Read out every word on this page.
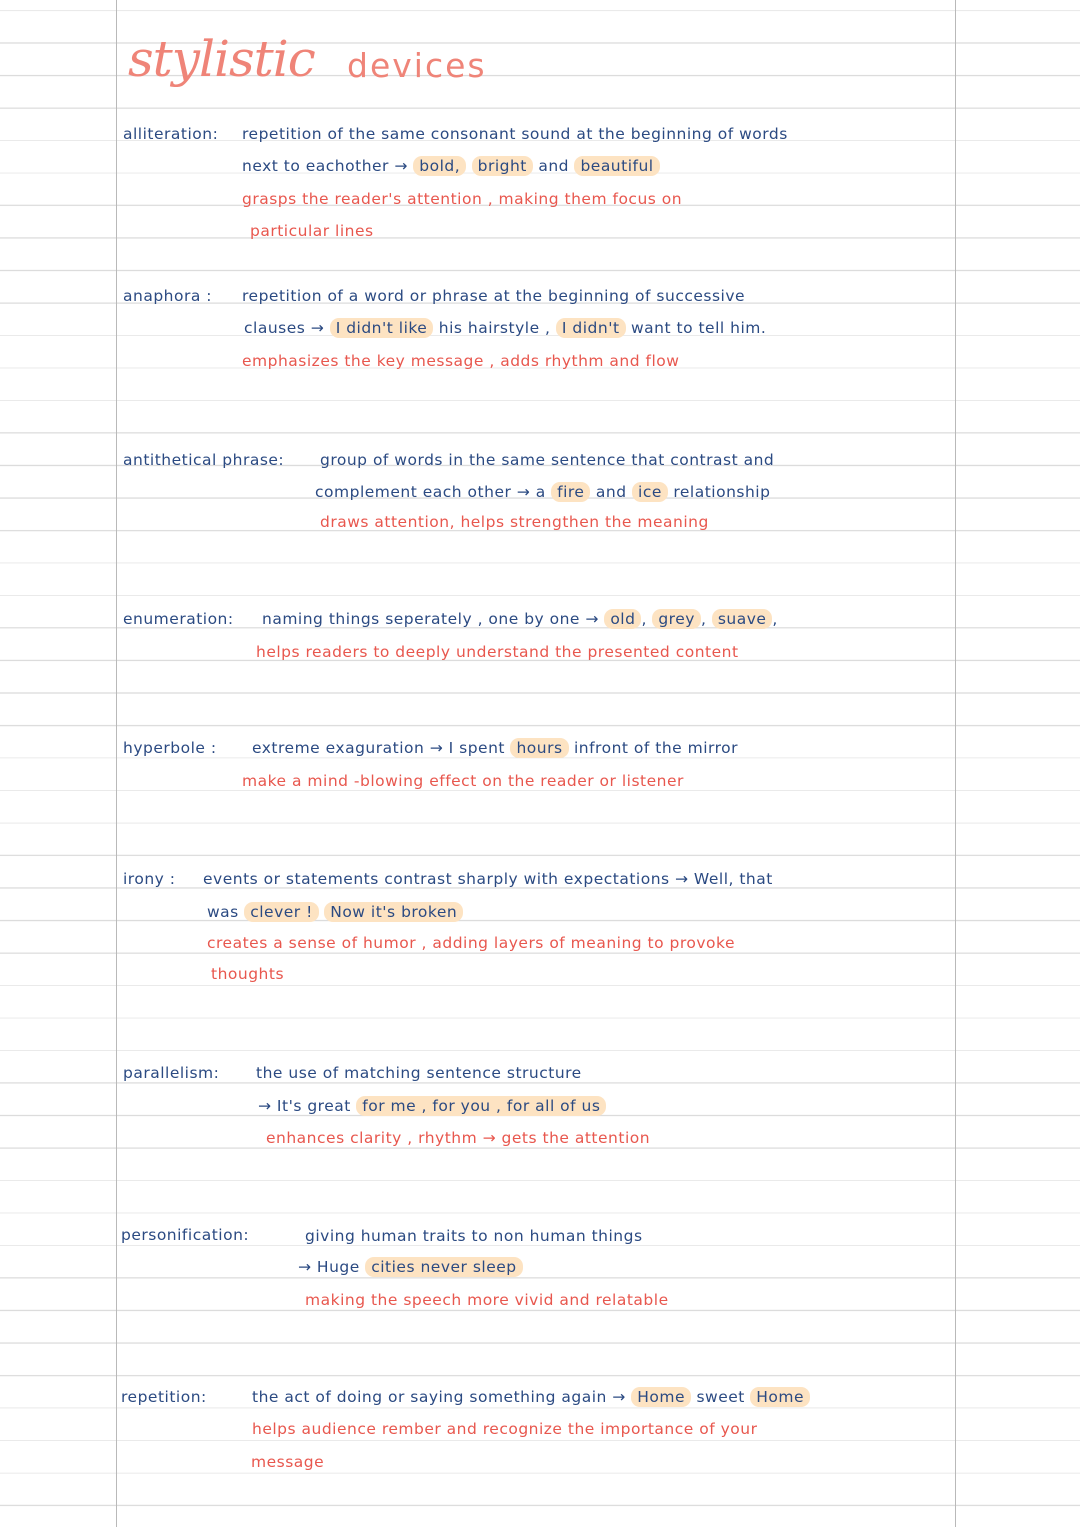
stylistic devices
alliteration: repetition of the same consonant sound at the beginning of words
next to eachother → bold, bright and beautiful
grasps the reader's attention , making them focus on
particular lines
anaphora : repetition of a word or phrase at the beginning of successive
clauses → I didn't like his hairstyle , I didn't want to tell him.
emphasizes the key message , adds rhythm and flow
antithetical phrase: group of words in the same sentence that contrast and
complement each other → a fire and ice relationship
draws attention, helps strengthen the meaning
enumeration: naming things seperately , one by one → old , grey , suave ,
helps readers to deeply understand the presented content
hyperbole : extreme exaguration → I spent hours infront of the mirror
make a mind -blowing effect on the reader or listener
irony : events or statements contrast sharply with expectations → Well, that
was clever ! Now it's broken
creates a sense of humor , adding layers of meaning to provoke
thoughts
parallelism: the use of matching sentence structure
→ It's great for me , for you , for all of us
enhances clarity , rhythm → gets the attention
personification:	giving human traits to non human things
→ Huge cities never sleep
making the speech more vivid and relatable
repetition:	the act of doing or saying something again → Home sweet Home
helps audience rember and recognize the importance of your
message
